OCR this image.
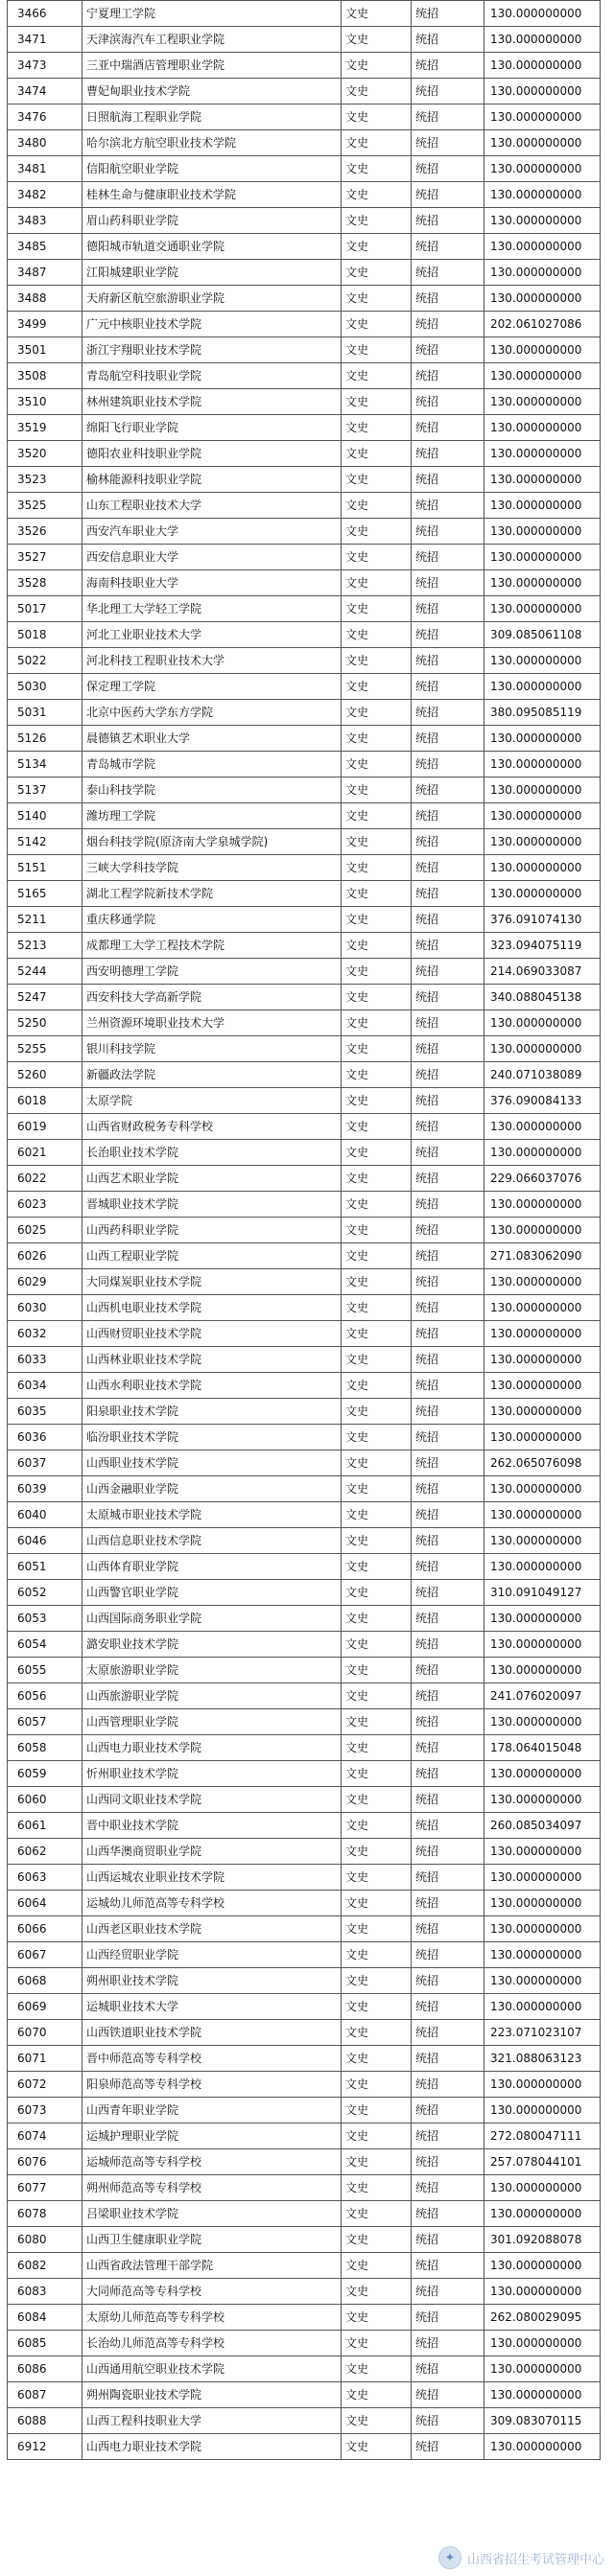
3466	宁夏理工学院	文史	统招	130.000000000
3471	天津滨海汽车工程职业学院	文史	统招	130.000000000
3473	三亚中瑞酒店管理职业学院	文史	统招	130.000000000
3474	曹妃甸职业技术学院	文史	统招	130.000000000
3476	日照航海工程职业学院	文史	统招	130.000000000
3480	哈尔滨北方航空职业技术学院	文史	统招	130.000000000
3481	信阳航空职业学院	文史	统招	130.000000000
3482	桂林生命与健康职业技术学院	文史	统招	130.000000000
3483	眉山药科职业学院	文史	统招	130.000000000
3485	德阳城市轨道交通职业学院	文史	统招	130.000000000
3487	江阳城建职业学院	文史	统招	130.000000000
3488	天府新区航空旅游职业学院	文史	统招	130.000000000
3499	广元中核职业技术学院	文史	统招	202.061027086
3501	浙江宇翔职业技术学院	文史	统招	130.000000000
3508	青岛航空科技职业学院	文史	统招	130.000000000
3510	林州建筑职业技术学院	文史	统招	130.000000000
3519	绵阳飞行职业学院	文史	统招	130.000000000
3520	德阳农业科技职业学院	文史	统招	130.000000000
3523	榆林能源科技职业学院	文史	统招	130.000000000
3525	山东工程职业技术大学	文史	统招	130.000000000
3526	西安汽车职业大学	文史	统招	130.000000000
3527	西安信息职业大学	文史	统招	130.000000000
3528	海南科技职业大学	文史	统招	130.000000000
5017	华北理工大学轻工学院	文史	统招	130.000000000
5018	河北工业职业技术大学	文史	统招	309.085061108
5022	河北科技工程职业技术大学	文史	统招	130.000000000
5030	保定理工学院	文史	统招	130.000000000
5031	北京中医药大学东方学院	文史	统招	380.095085119
5126	晨德镇艺术职业大学	文史	统招	130.000000000
5134	青岛城市学院	文史	统招	130.000000000
5137	泰山科技学院	文史	统招	130.000000000
5140	潍坊理工学院	文史	统招	130.000000000
5142	烟台科技学院(原济南大学泉城学院)	文史	统招	130.000000000
5151	三峡大学科技学院	文史	统招	130.000000000
5165	湖北工程学院新技术学院	文史	统招	130.000000000
5211	重庆移通学院	文史	统招	376.091074130
5213	成都理工大学工程技术学院	文史	统招	323.094075119
5244	西安明德理工学院	文史	统招	214.069033087
5247	西安科技大学高新学院	文史	统招	340.088045138
5250	兰州资源环境职业技术大学	文史	统招	130.000000000
5255	银川科技学院	文史	统招	130.000000000
5260	新疆政法学院	文史	统招	240.071038089
6018	太原学院	文史	统招	376.090084133
6019	山西省财政税务专科学校	文史	统招	130.000000000
6021	长治职业技术学院	文史	统招	130.000000000
6022	山西艺术职业学院	文史	统招	229.066037076
6023	晋城职业技术学院	文史	统招	130.000000000
6025	山西药科职业学院	文史	统招	130.000000000
6026	山西工程职业学院	文史	统招	271.083062090
6029	大同煤炭职业技术学院	文史	统招	130.000000000
6030	山西机电职业技术学院	文史	统招	130.000000000
6032	山西财贸职业技术学院	文史	统招	130.000000000
6033	山西林业职业技术学院	文史	统招	130.000000000
6034	山西水利职业技术学院	文史	统招	130.000000000
6035	阳泉职业技术学院	文史	统招	130.000000000
6036	临汾职业技术学院	文史	统招	130.000000000
6037	山西职业技术学院	文史	统招	262.065076098
6039	山西金融职业学院	文史	统招	130.000000000
6040	太原城市职业技术学院	文史	统招	130.000000000
6046	山西信息职业技术学院	文史	统招	130.000000000
6051	山西体育职业学院	文史	统招	130.000000000
6052	山西警官职业学院	文史	统招	310.091049127
6053	山西国际商务职业学院	文史	统招	130.000000000
6054	潞安职业技术学院	文史	统招	130.000000000
6055	太原旅游职业学院	文史	统招	130.000000000
6056	山西旅游职业学院	文史	统招	241.076020097
6057	山西管理职业学院	文史	统招	130.000000000
6058	山西电力职业技术学院	文史	统招	178.064015048
6059	忻州职业技术学院	文史	统招	130.000000000
6060	山西同文职业技术学院	文史	统招	130.000000000
6061	晋中职业技术学院	文史	统招	260.085034097
6062	山西华澳商贸职业学院	文史	统招	130.000000000
6063	山西运城农业职业技术学院	文史	统招	130.000000000
6064	运城幼儿师范高等专科学校	文史	统招	130.000000000
6066	山西老区职业技术学院	文史	统招	130.000000000
6067	山西经贸职业学院	文史	统招	130.000000000
6068	朔州职业技术学院	文史	统招	130.000000000
6069	运城职业技术大学	文史	统招	130.000000000
6070	山西铁道职业技术学院	文史	统招	223.071023107
6071	晋中师范高等专科学校	文史	统招	321.088063123
6072	阳泉师范高等专科学校	文史	统招	130.000000000
6073	山西青年职业学院	文史	统招	130.000000000
6074	运城护理职业学院	文史	统招	272.080047111
6076	运城师范高等专科学校	文史	统招	257.078044101
6077	朔州师范高等专科学校	文史	统招	130.000000000
6078	吕梁职业技术学院	文史	统招	130.000000000
6080	山西卫生健康职业学院	文史	统招	301.092088078
6082	山西省政法管理干部学院	文史	统招	130.000000000
6083	大同师范高等专科学校	文史	统招	130.000000000
6084	太原幼儿师范高等专科学校	文史	统招	262.080029095
6085	长治幼儿师范高等专科学校	文史	统招	130.000000000
6086	山西通用航空职业技术学院	文史	统招	130.000000000
6087	朔州陶瓷职业技术学院	文史	统招	130.000000000
6088	山西工程科技职业大学	文史	统招	309.083070115
6912	山西电力职业技术学院	文史	统招	130.000000000
✦ 山西省招生考试管理中心
